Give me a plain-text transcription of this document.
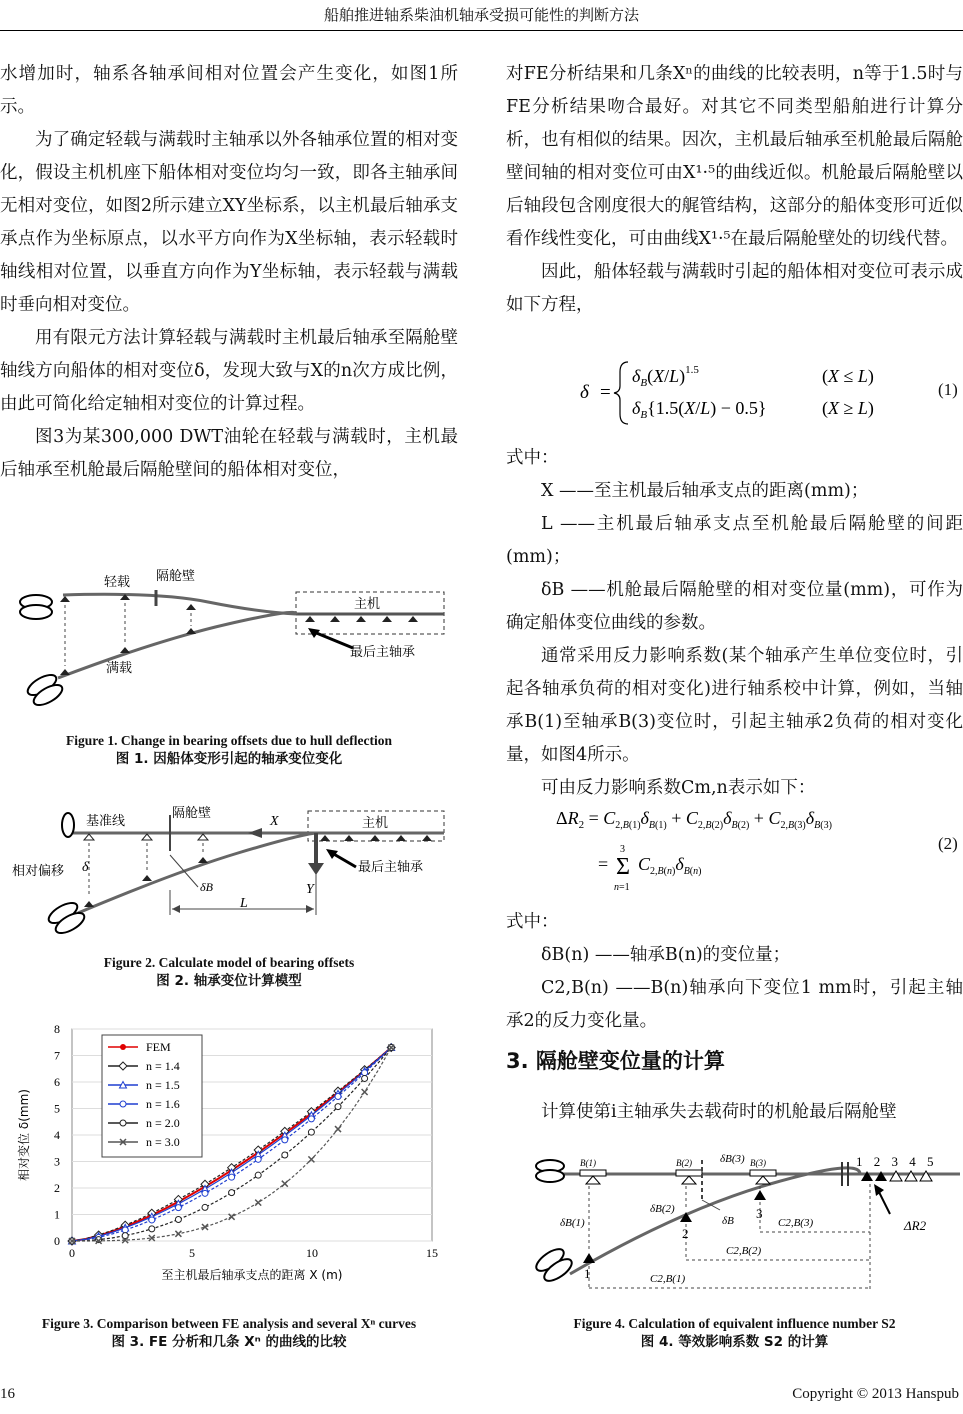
船舶推进轴系柴油机轴承受损可能性的判断方法

水增加时，轴系各轴承间相对位置会产生变化，如图1所示。

为了确定轻载与满载时主轴承以外各轴承位置的相对变化，假设主机机座下船体相对变位均匀一致，即各主轴承间无相对变位，如图2所示建立XY坐标系，以主机最后轴承支承点作为坐标原点，以水平方向作为X坐标轴，表示轻载时轴线相对位置，以垂直方向作为Y坐标轴，表示轻载与满载时垂向相对变位。

用有限元方法计算轻载与满载时主机最后轴承至隔舱壁轴线方向船体的相对变位δ，发现大致与X的n次方成比例，由此可简化给定轴相对变位的计算过程。

图3为某300,000 DWT油轮在轻载与满载时，主机最后轴承至机舱最后隔舱壁间的船体相对变位，

轻载 隔舱壁
主机
满载
最后主轴承
Figure 1. Change in bearing offsets due to hull deflection
图 1. 因船体变形引起的轴承变位变化
基准线
隔舱壁
主机
相对偏移	最后主轴承
X
Y
L
δ
δB
Figure 2. Calculate model of bearing offsets
图 2. 轴承变位计算模型
0
1
2
3
4
5
6
7
8
0	5	10	15
至主机最后轴承支点的距离 X (m)
相对变位 δ(mm)
FEM
n = 1.4
n = 1.5
n = 1.6
n = 2.0
n = 3.0
Figure 3. Comparison between FE analysis and several Xⁿ curves
图 3. FE 分析和几条 Xⁿ 的曲线的比较

对FE分析结果和几条Xⁿ的曲线的比较表明，n等于1.5时与FE分析结果吻合最好。对其它不同类型船舶进行计算分析，也有相似的结果。因次，主机最后轴承至机舱最后隔舱壁间轴的相对变位可由X¹·⁵的曲线近似。机舱最后隔舱壁以后轴段包含刚度很大的艉管结构，这部分的船体变形可近似看作线性变化，可由曲线X¹·⁵在最后隔舱壁处的切线代替。

因此，船体轻载与满载时引起的船体相对变位可表示成如下方程，

δ =
$\delta_B(X/L)^{1.5}$
$\delta_B\{1.5(X/L) - 0.5\}$
(X ≤ L)
(X ≥ L)
(1)

式中：

X ——至主机最后轴承支点的距离(mm)；

L ——主机最后轴承支点至机舱最后隔舱壁的间距(mm)；

δB ——机舱最后隔舱壁的相对变位量(mm)，可作为确定船体变位曲线的参数。

通常采用反力影响系数(某个轴承产生单位变位时，引起各轴承负荷的相对变化)进行轴系校中计算，例如，当轴承B(1)至轴承B(3)变位时，引起主轴承2负荷的相对变化量，如图4所示。

可由反力影响系数Cm,n表示如下：

$\Delta R_2 = C_{2,B(1)}\delta_{B(1)} + C_{2,B(2)}\delta_{B(2)} + C_{2,B(3)}\delta_{B(3)}$
3
= Σ
n=1
$C_{2,B(n)}\delta_{B(n)}$
(2)

式中：

δB(n) ——轴承B(n)的变位量；

C2,B(n) ——B(n)轴承向下变位1 mm时，引起主轴承2的反力变化量。

3. 隔舱壁变位量的计算

计算使第i主轴承失去载荷时的机舱最后隔舱壁

B(1)	B(2)	B(3)	1 2 3 4 5
ΔR2
δB(1)
δB(2)
δB(3)
δB	C2,B(3)
C2,B(2)
C2,B(1)
1
2
3
Figure 4. Calculation of equivalent influence number S2
图 4. 等效影响系数 S2 的计算
16	Copyright © 2013 Hanspub
